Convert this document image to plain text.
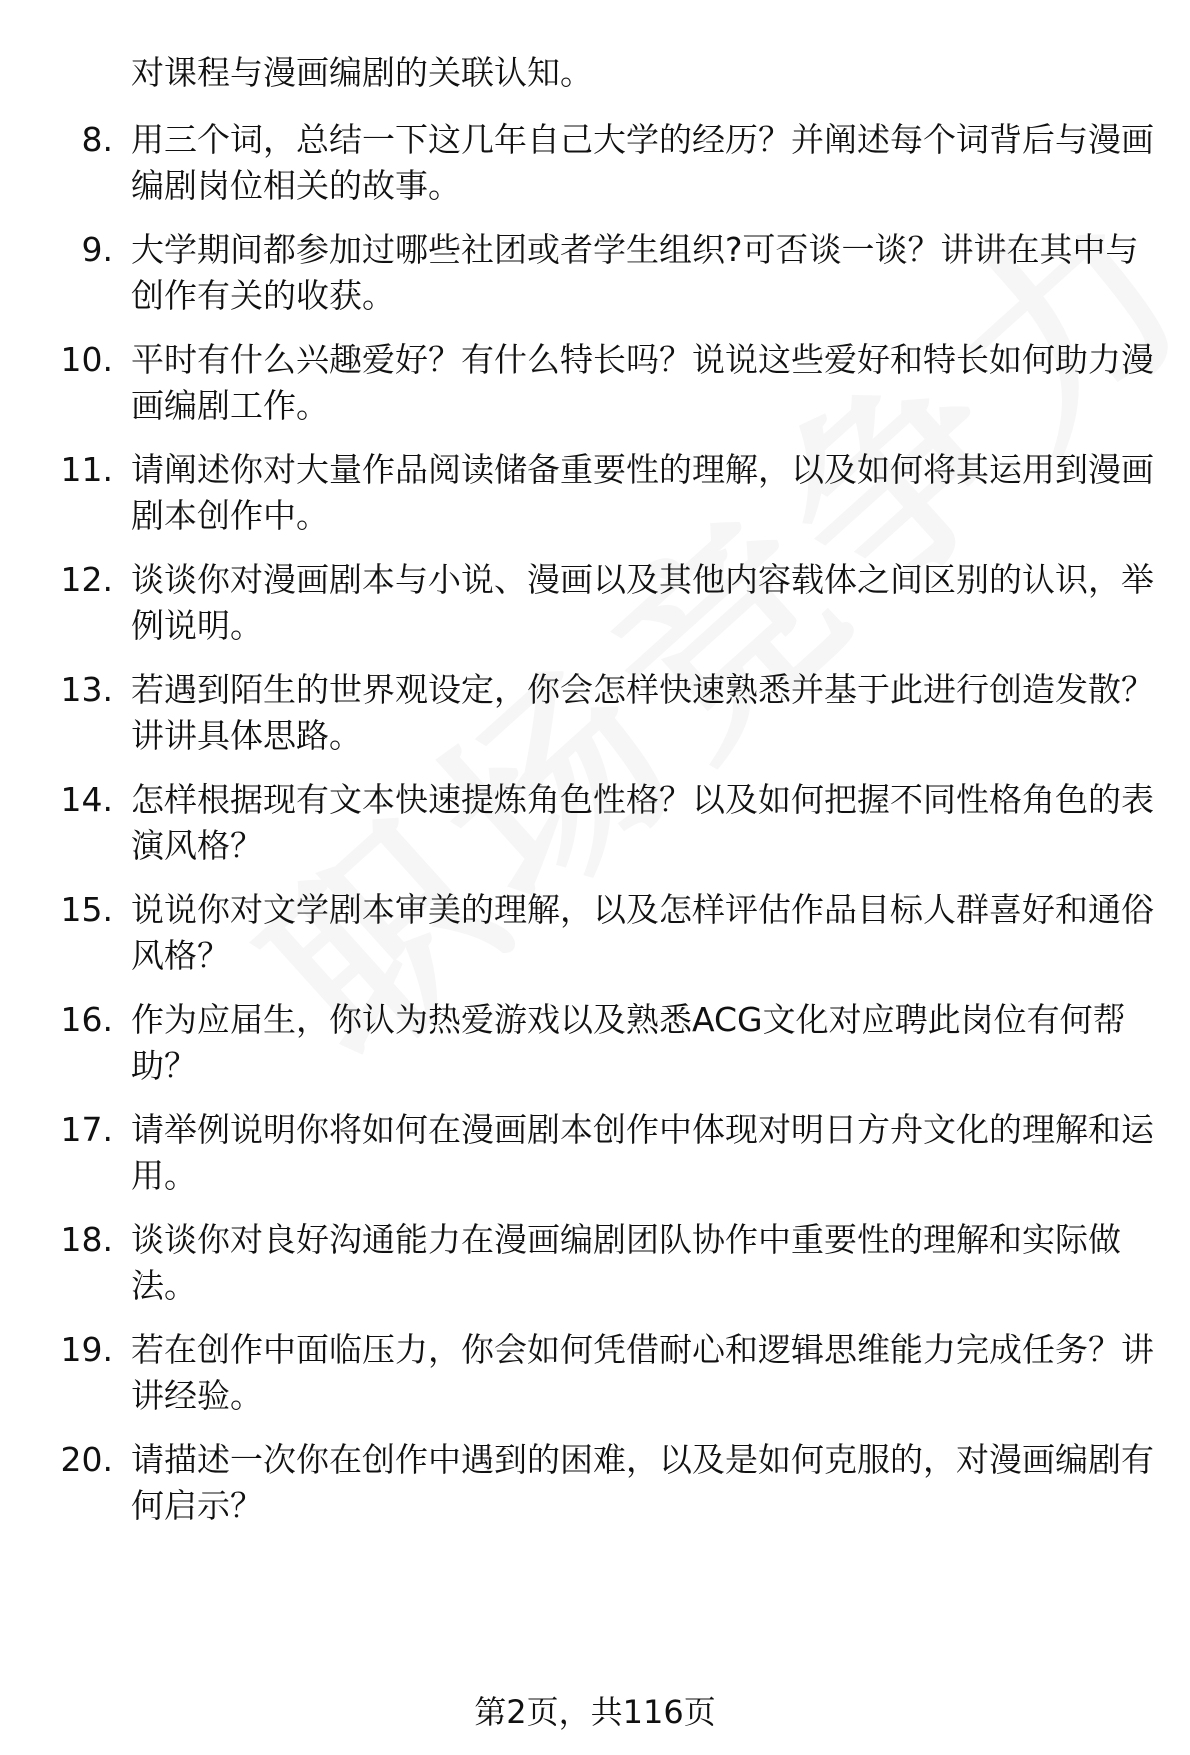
对课程与漫画编剧的关联认知。
8. 用三个词，总结一下这几年自己大学的经历？并阐述每个词背后与漫画编剧岗位相关的故事。
9. 大学期间都参加过哪些社团或者学生组织?可否谈一谈？讲讲在其中与创作有关的收获。
10. 平时有什么兴趣爱好？有什么特长吗？说说这些爱好和特长如何助力漫画编剧工作。
11. 请阐述你对大量作品阅读储备重要性的理解，以及如何将其运用到漫画剧本创作中。
12. 谈谈你对漫画剧本与小说、漫画以及其他内容载体之间区别的认识，举例说明。
13. 若遇到陌生的世界观设定，你会怎样快速熟悉并基于此进行创造发散？讲讲具体思路。
14. 怎样根据现有文本快速提炼角色性格？以及如何把握不同性格角色的表演风格？
15. 说说你对文学剧本审美的理解，以及怎样评估作品目标人群喜好和通俗风格？
16. 作为应届生，你认为热爱游戏以及熟悉ACG文化对应聘此岗位有何帮助？
17. 请举例说明你将如何在漫画剧本创作中体现对明日方舟文化的理解和运用。
18. 谈谈你对良好沟通能力在漫画编剧团队协作中重要性的理解和实际做法。
19. 若在创作中面临压力，你会如何凭借耐心和逻辑思维能力完成任务？讲讲经验。
20. 请描述一次你在创作中遇到的困难，以及是如何克服的，对漫画编剧有何启示？
第2页，共116页
